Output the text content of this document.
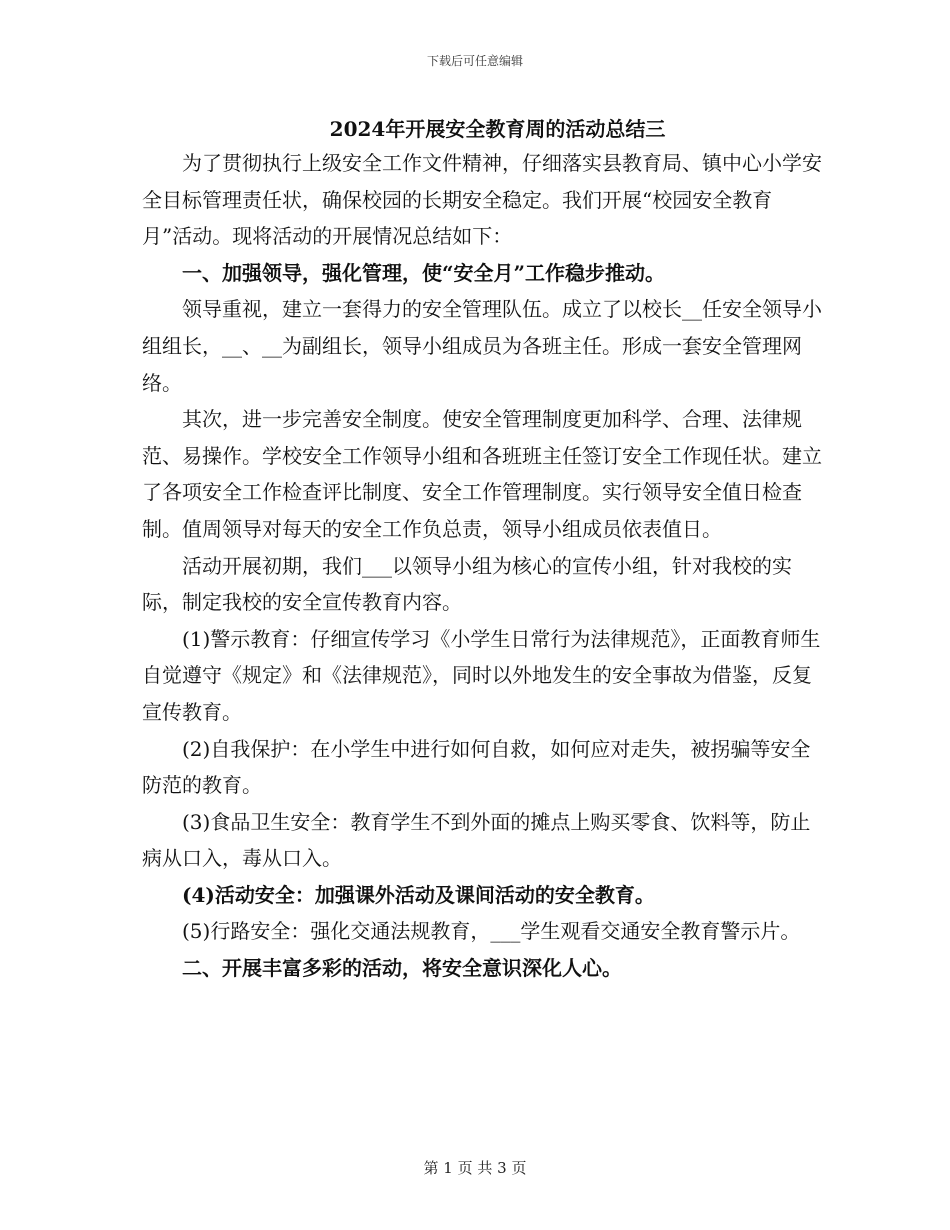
下载后可任意编辑
2024年开展安全教育周的活动总结三

为了贯彻执行上级安全工作文件精神，仔细落实县教育局、镇中心小学安全目标管理责任状，确保校园的长期安全稳定。我们开展“校园安全教育月”活动。现将活动的开展情况总结如下：

一、加强领导，强化管理，使“安全月”工作稳步推动。

领导重视，建立一套得力的安全管理队伍。成立了以校长__任安全领导小组组长，__、__为副组长，领导小组成员为各班主任。形成一套安全管理网络。

其次，进一步完善安全制度。使安全管理制度更加科学、合理、法律规范、易操作。学校安全工作领导小组和各班班主任签订安全工作现任状。建立了各项安全工作检查评比制度、安全工作管理制度。实行领导安全值日检查制。值周领导对每天的安全工作负总责，领导小组成员依表值日。

活动开展初期，我们___以领导小组为核心的宣传小组，针对我校的实际，制定我校的安全宣传教育内容。

(1)警示教育：仔细宣传学习《小学生日常行为法律规范》，正面教育师生自觉遵守《规定》和《法律规范》，同时以外地发生的安全事故为借鉴，反复宣传教育。

(2)自我保护：在小学生中进行如何自救，如何应对走失，被拐骗等安全防范的教育。

(3)食品卫生安全：教育学生不到外面的摊点上购买零食、饮料等，防止病从口入，毒从口入。

(4)活动安全：加强课外活动及课间活动的安全教育。

(5)行路安全：强化交通法规教育，___学生观看交通安全教育警示片。

二、开展丰富多彩的活动，将安全意识深化人心。

第 1 页 共 3 页
